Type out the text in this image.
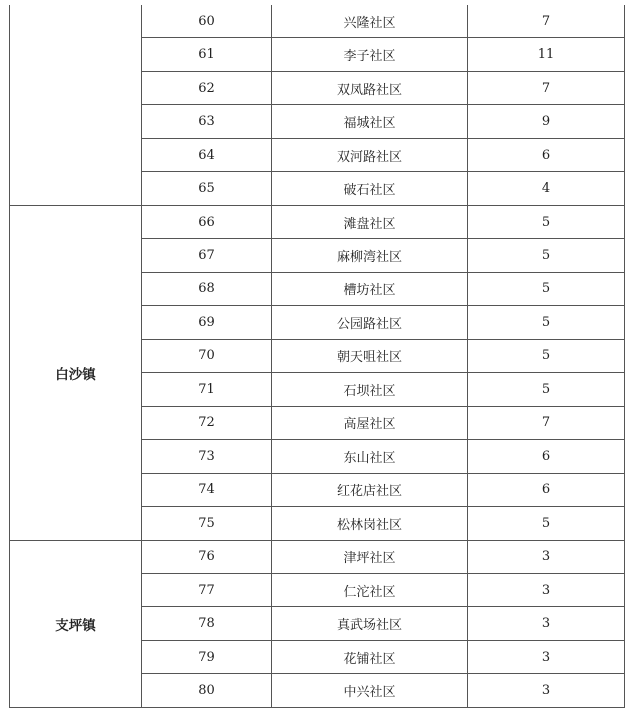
	60	兴隆社区	7
	61	李子社区	11
	62	双凤路社区	7
	63	福城社区	9
	64	双河路社区	6
	65	破石社区	4
白沙镇	66	滩盘社区	5
	67	麻柳湾社区	5
	68	槽坊社区	5
	69	公园路社区	5
	70	朝天咀社区	5
	71	石坝社区	5
	72	高屋社区	7
	73	东山社区	6
	74	红花店社区	6
	75	松林岗社区	5
支坪镇	76	津坪社区	3
	77	仁沱社区	3
	78	真武场社区	3
	79	花铺社区	3
	80	中兴社区	3
